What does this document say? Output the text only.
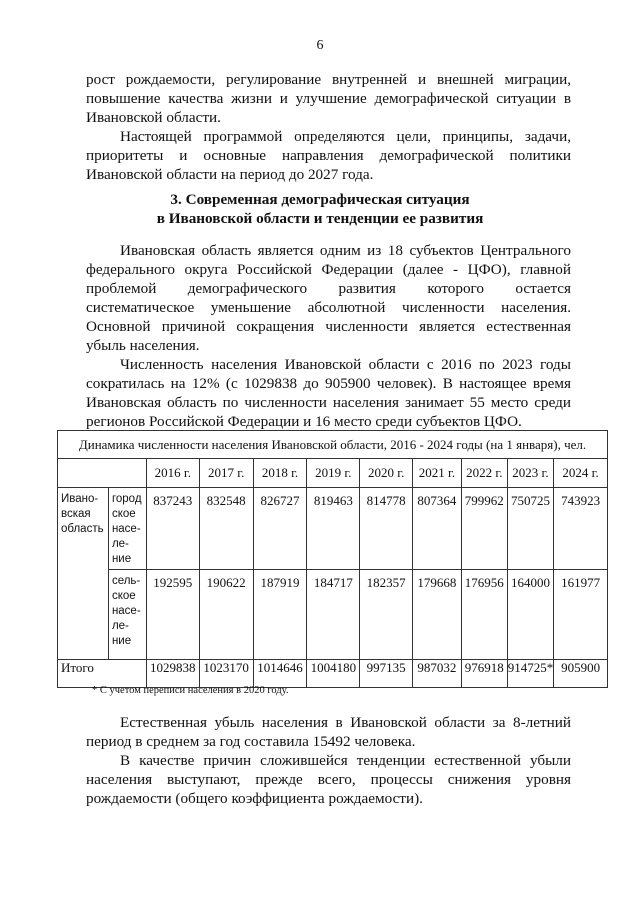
6
рост рождаемости, регулирование внутренней и внешней миграции,
повышение качества жизни и улучшение демографической ситуации в
Ивановской области.
Настоящей программой определяются цели, принципы, задачи,
приоритеты и основные направления демографической политики
Ивановской области на период до 2027 года.
3. Современная демографическая ситуация
в Ивановской области и тенденции ее развития
Ивановская область является одним из 18 субъектов Центрального
федерального округа Российской Федерации (далее - ЦФО), главной
проблемой демографического развития которого остается
систематическое уменьшение абсолютной численности населения.
Основной причиной сокращения численности является естественная
убыль населения.
Численность населения Ивановской области с 2016 по 2023 годы
сократилась на 12% (с 1029838 до 905900 человек). В настоящее время
Ивановская область по численности населения занимает 55 место среди
регионов Российской Федерации и 16 место среди субъектов ЦФО.
Динамика численности населения Ивановской области, 2016 - 2024 годы (на 1 января), чел.										
		2016 г.	2017 г.	2018 г.	2019 г.	2020 г.	2021 г.	2022 г.	2023 г.	2024 г.
Ивано-
вская
область	город
ское
насе-
ле-
ние	837243	832548	826727	819463	814778	807364	799962	750725	743923
	сель-
ское
насе-
ле-
ние	192595	190622	187919	184717	182357	179668	176956	164000	161977
Итого		1029838	1023170	1014646	1004180	997135	987032	976918	914725*	905900
* С учетом переписи населения в 2020 году.
Естественная убыль населения в Ивановской области за 8-летний
период в среднем за год составила 15492 человека.
В качестве причин сложившейся тенденции естественной убыли
населения выступают, прежде всего, процессы снижения уровня
рождаемости (общего коэффициента рождаемости).
